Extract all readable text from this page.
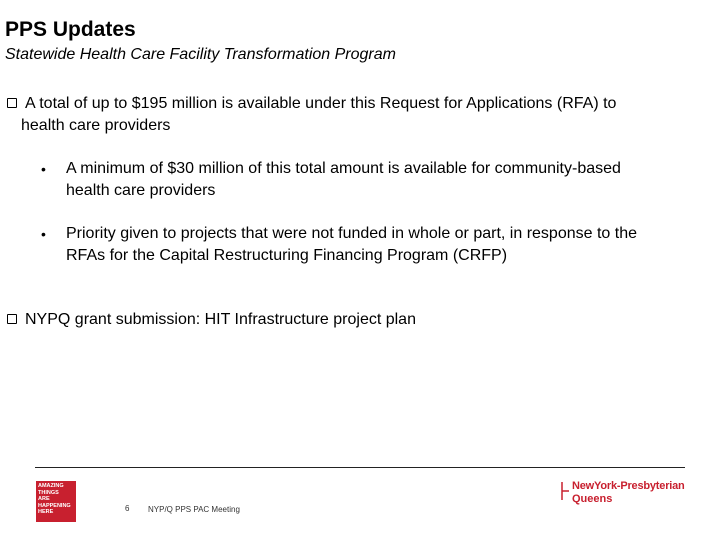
PPS Updates
Statewide Health Care Facility Transformation Program
A total of up to $195 million is available under this Request for Applications (RFA) to
health care providers
• A minimum of $30 million of this total amount is available for community-based
health care providers
• Priority given to projects that were not funded in whole or part, in response to the
RFAs for the Capital Restructuring Financing Program (CRFP)
NYPQ grant submission: HIT Infrastructure project plan
AMAZING
THINGS
ARE
HAPPENING
HERE	6 NYP/Q PPS PAC Meeting
NewYork-Presbyterian
Queens
